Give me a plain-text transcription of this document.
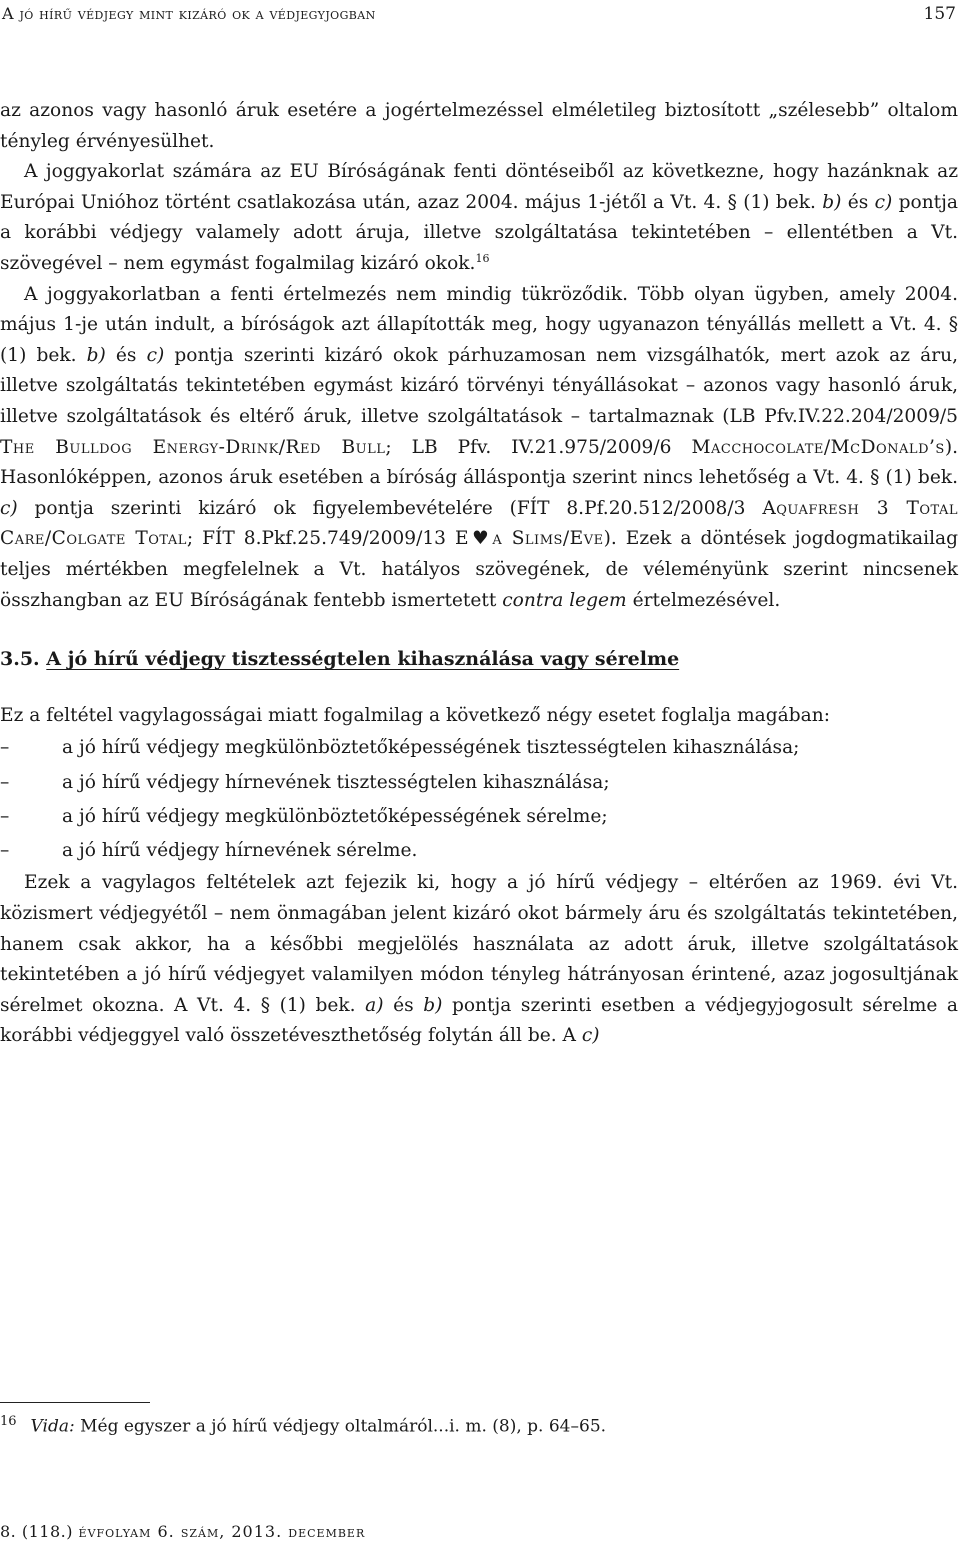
A jó hírű védjegy mint kizáró ok a védjegyjogban	157

az azonos vagy hasonló áruk esetére a jogértelmezéssel elméletileg biztosított „szélesebb” oltalom tényleg érvényesülhet.

A joggyakorlat számára az EU Bíróságának fenti döntéseiből az következne, hogy hazánknak az Európai Unióhoz történt csatlakozása után, azaz 2004. május 1-jétől a Vt. 4. § (1) bek. b) és c) pontja a korábbi védjegy valamely adott áruja, illetve szolgáltatása tekintetében – ellentétben a Vt. szövegével – nem egymást fogalmilag kizáró okok.$^{16}$

A joggyakorlatban a fenti értelmezés nem mindig tükröződik. Több olyan ügyben, amely 2004. május 1-je után indult, a bíróságok azt állapították meg, hogy ugyanazon tényállás mellett a Vt. 4. § (1) bek. b) és c) pontja szerinti kizáró okok párhuzamosan nem vizsgálhatók, mert azok az áru, illetve szolgáltatás tekintetében egymást kizáró törvényi tényállásokat – azonos vagy hasonló áruk, illetve szolgáltatások és eltérő áruk, illetve szolgáltatások – tartalmaznak (LB Pfv.IV.22.204/2009/5 The Bulldog Energy-Drink/Red Bull; LB Pfv. IV.21.975/2009/6 Macchocolate/McDonald’s). Hasonlóképpen, azonos áruk esetében a bíróság álláspontja szerint nincs lehetőség a Vt. 4. § (1) bek. c) pontja szerinti kizáró ok figyelembevételére (FÍT 8.Pf.20.512/2008/3 Aquafresh 3 Total Care/Colgate Total; FÍT 8.Pkf.25.749/2009/13 E♥a Slims/Eve). Ezek a döntések jogdogmatikailag teljes mértékben megfelelnek a Vt. hatályos szövegének, de véleményünk szerint nincsenek összhangban az EU Bíróságának fentebb ismertetett contra legem értelmezésével.

3.5. A jó hírű védjegy tisztességtelen kihasználása vagy sérelme

Ez a feltétel vagylagosságai miatt fogalmilag a következő négy esetet foglalja magában:

–	a jó hírű védjegy megkülönböztetőképességének tisztességtelen kihasználása;
–	a jó hírű védjegy hírnevének tisztességtelen kihasználása;
–	a jó hírű védjegy megkülönböztetőképességének sérelme;
–	a jó hírű védjegy hírnevének sérelme.

Ezek a vagylagos feltételek azt fejezik ki, hogy a jó hírű védjegy – eltérően az 1969. évi Vt. közismert védjegyétől – nem önmagában jelent kizáró okot bármely áru és szolgáltatás tekintetében, hanem csak akkor, ha a későbbi megjelölés használata az adott áruk, illetve szolgáltatások tekintetében a jó hírű védjegyet valamilyen módon tényleg hátrányosan érintené, azaz jogosultjának sérelmet okozna. A Vt. 4. § (1) bek. a) és b) pontja szerinti esetben a védjegyjogosult sérelme a korábbi védjeggyel való összetéveszthetőség folytán áll be. A c)

$^{16}$ Vida: Még egyszer a jó hírű védjegy oltalmáról...i. m. (8), p. 64–65.
8. (118.) évfolyam 6. szám, 2013. december
